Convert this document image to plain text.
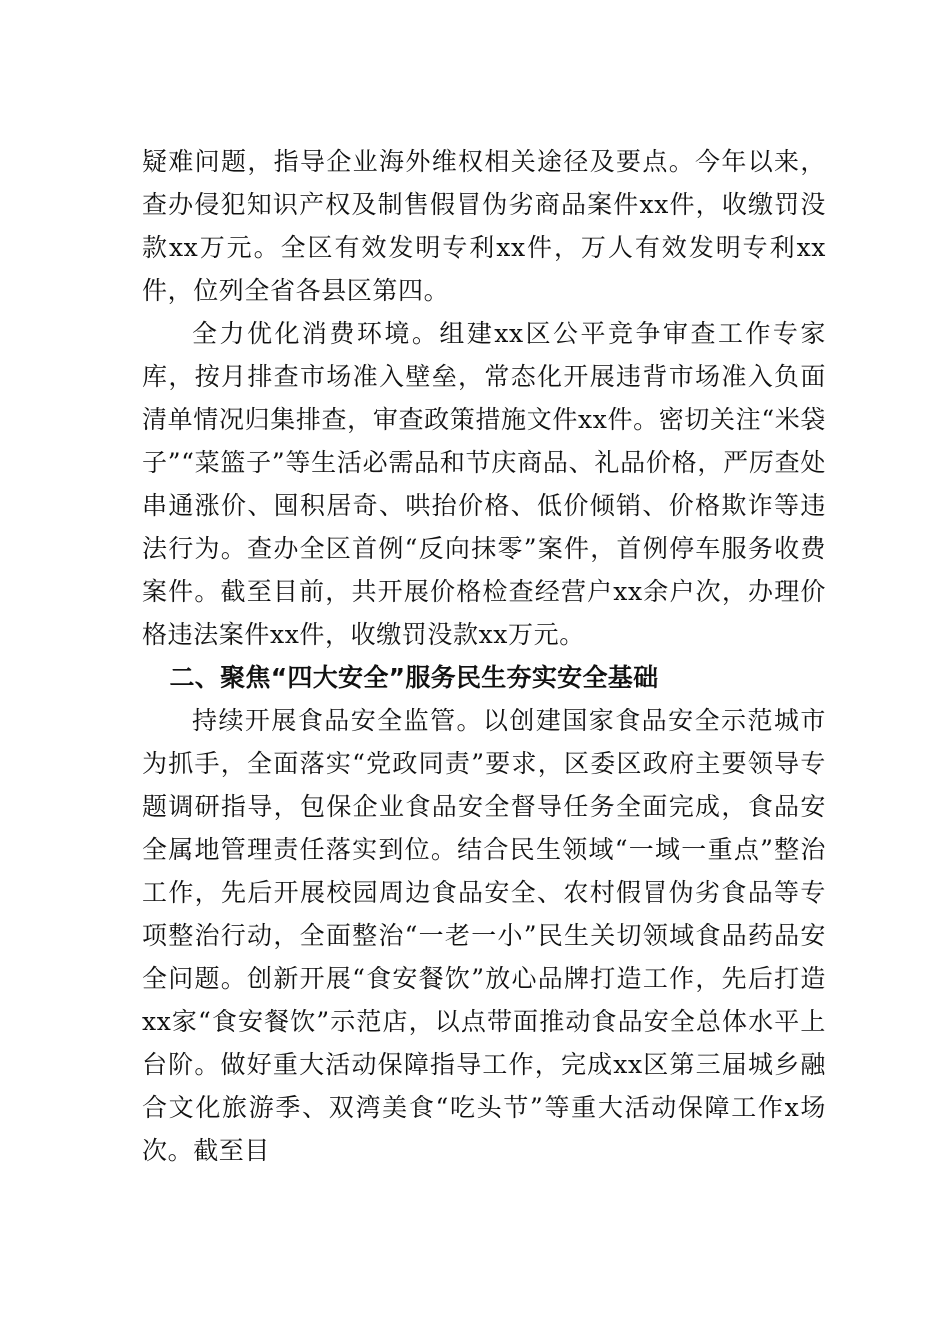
疑难问题，指导企业海外维权相关途径及要点。今年以来，查办侵犯知识产权及制售假冒伪劣商品案件xx件，收缴罚没款xx万元。全区有效发明专利xx件，万人有效发明专利xx件，位列全省各县区第四。

全力优化消费环境。组建xx区公平竞争审查工作专家库，按月排查市场准入壁垒，常态化开展违背市场准入负面清单情况归集排查，审查政策措施文件xx件。密切关注“米袋子”“菜篮子”等生活必需品和节庆商品、礼品价格，严厉查处串通涨价、囤积居奇、哄抬价格、低价倾销、价格欺诈等违法行为。查办全区首例“反向抹零”案件，首例停车服务收费案件。截至目前，共开展价格检查经营户xx余户次，办理价格违法案件xx件，收缴罚没款xx万元。

二、聚焦“四大安全”服务民生夯实安全基础

持续开展食品安全监管。以创建国家食品安全示范城市为抓手，全面落实“党政同责”要求，区委区政府主要领导专题调研指导，包保企业食品安全督导任务全面完成，食品安全属地管理责任落实到位。结合民生领域“一域一重点”整治工作，先后开展校园周边食品安全、农村假冒伪劣食品等专项整治行动，全面整治“一老一小”民生关切领域食品药品安全问题。创新开展“食安餐饮”放心品牌打造工作，先后打造xx家“食安餐饮”示范店，以点带面推动食品安全总体水平上台阶。做好重大活动保障指导工作，完成xx区第三届城乡融合文化旅游季、双湾美食“吃头节”等重大活动保障工作x场次。截至目
